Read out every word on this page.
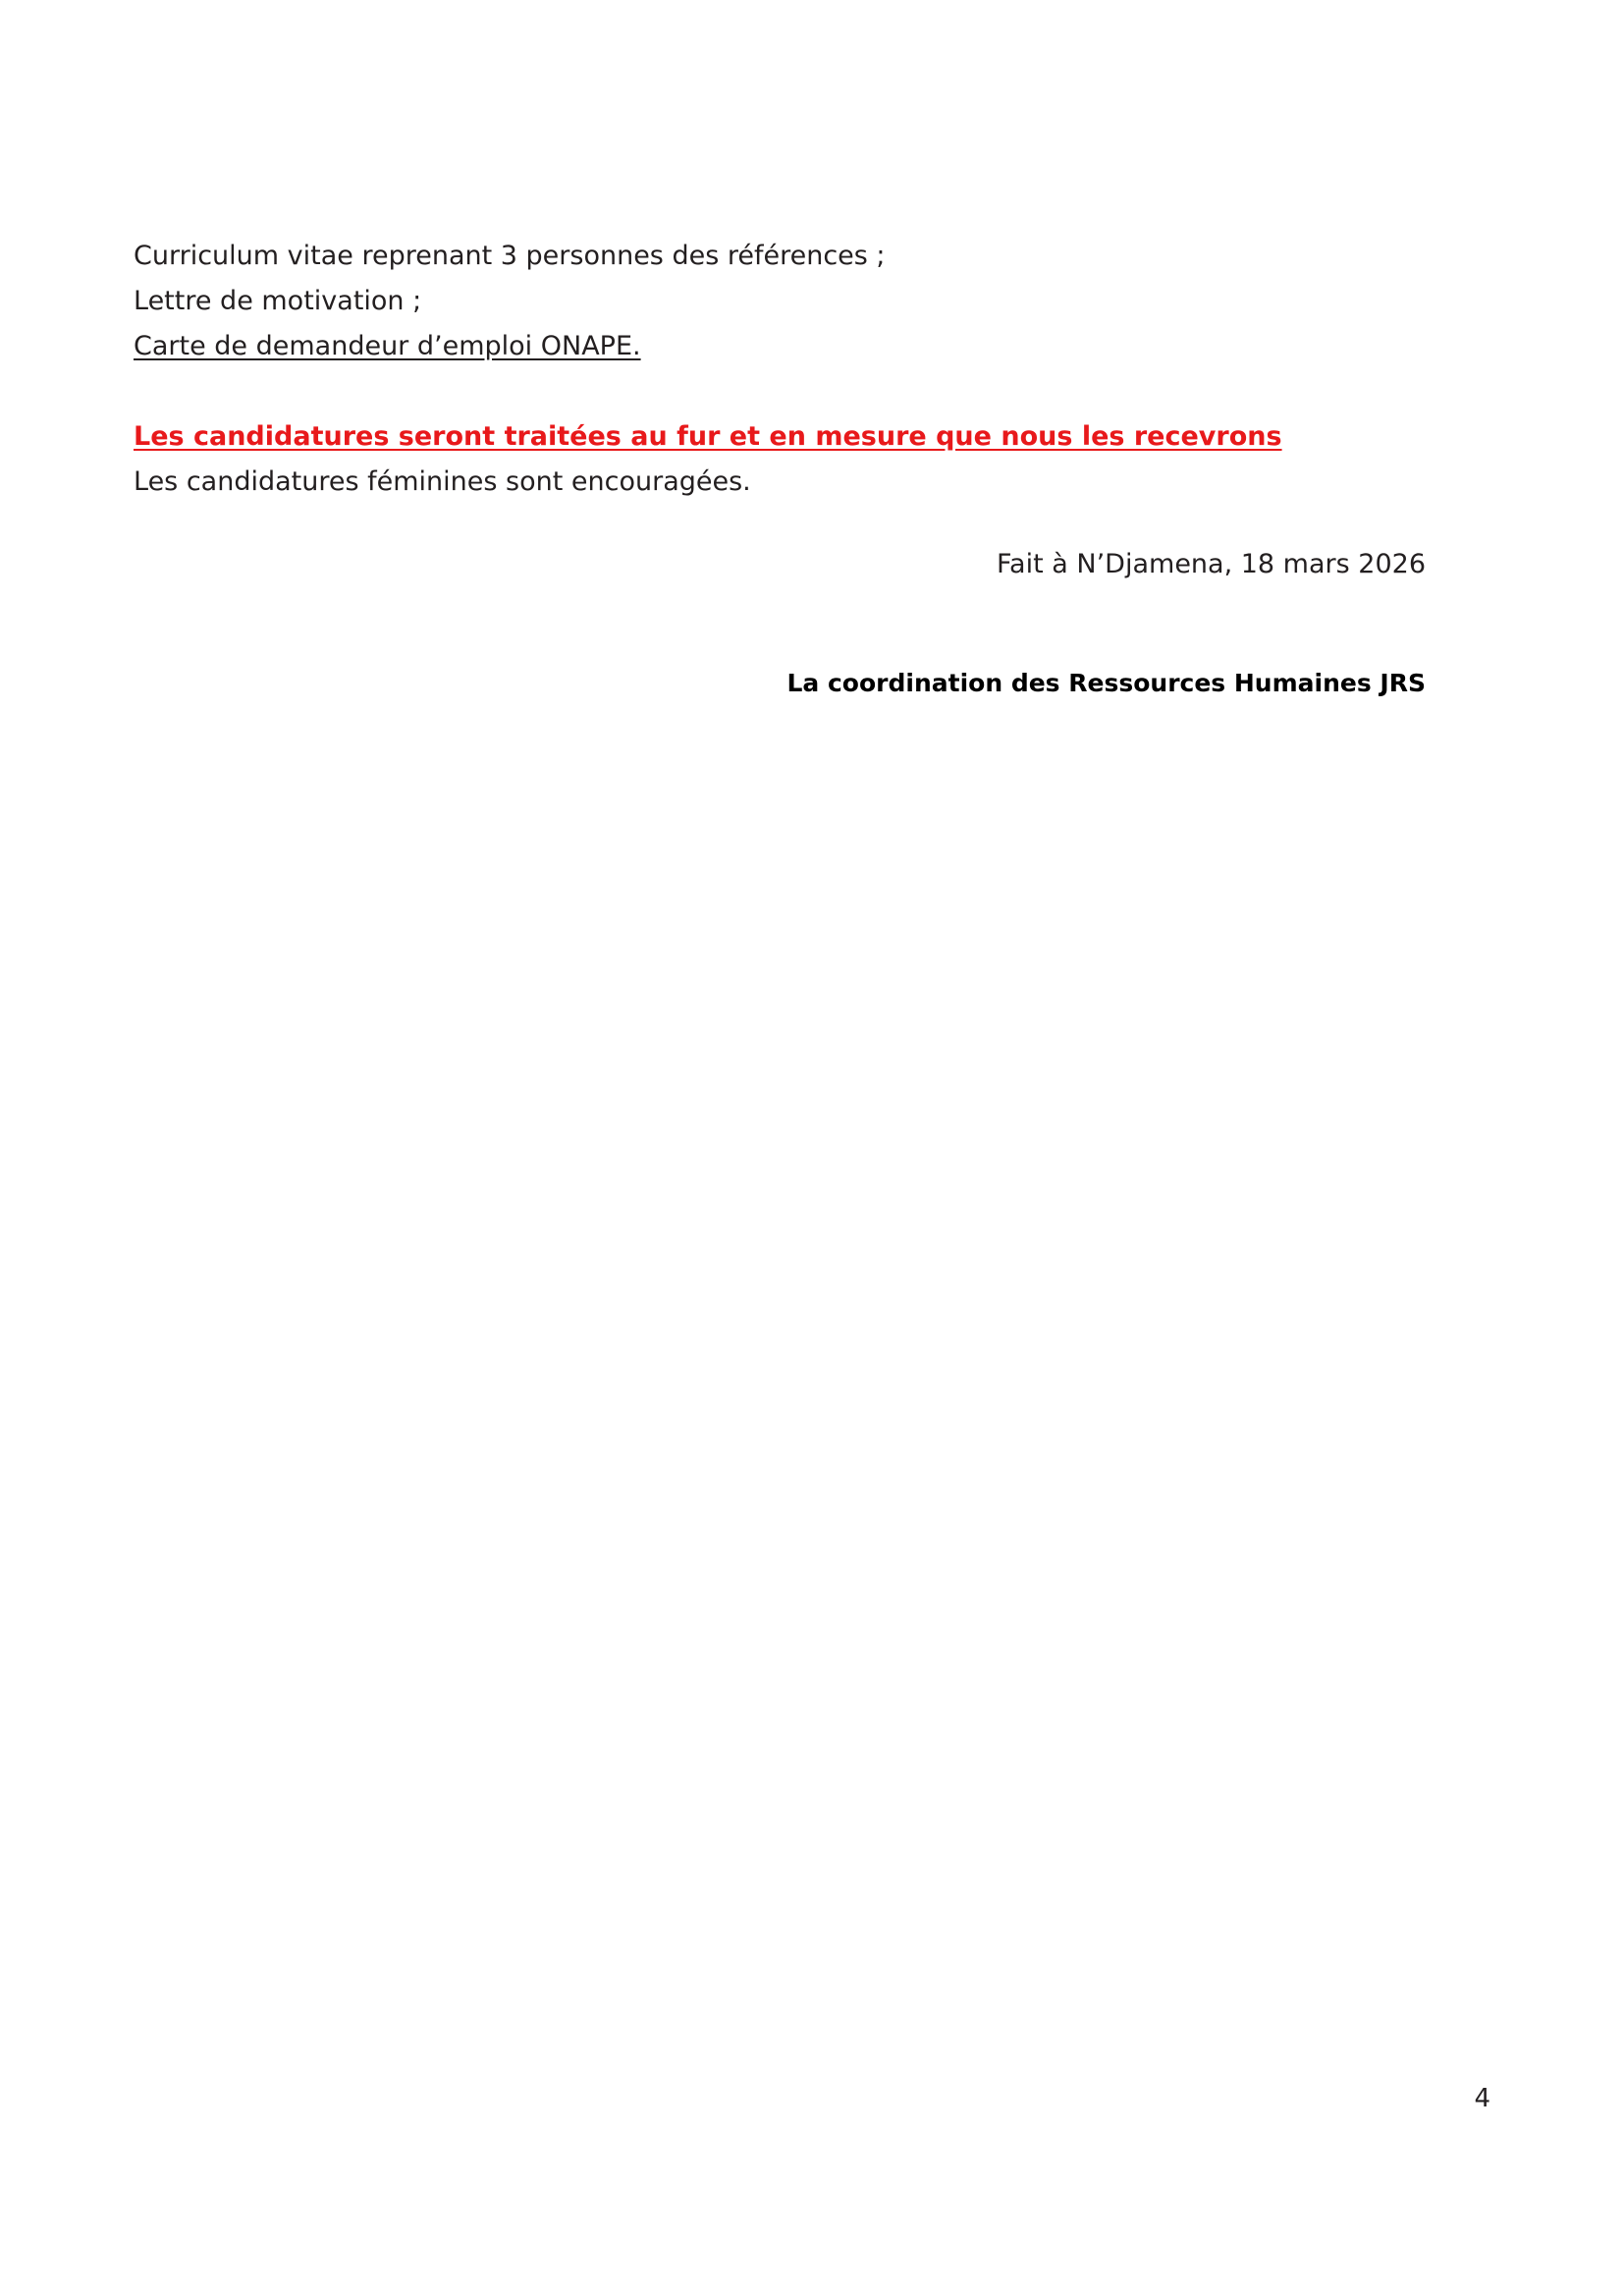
Curriculum vitae reprenant 3 personnes des références ;
Lettre de motivation ;
Carte de demandeur d’emploi ONAPE.
Les candidatures seront traitées au fur et en mesure que nous les recevrons
Les candidatures féminines sont encouragées.
Fait à N’Djamena, 18 mars 2026
La coordination des Ressources Humaines JRS
4
